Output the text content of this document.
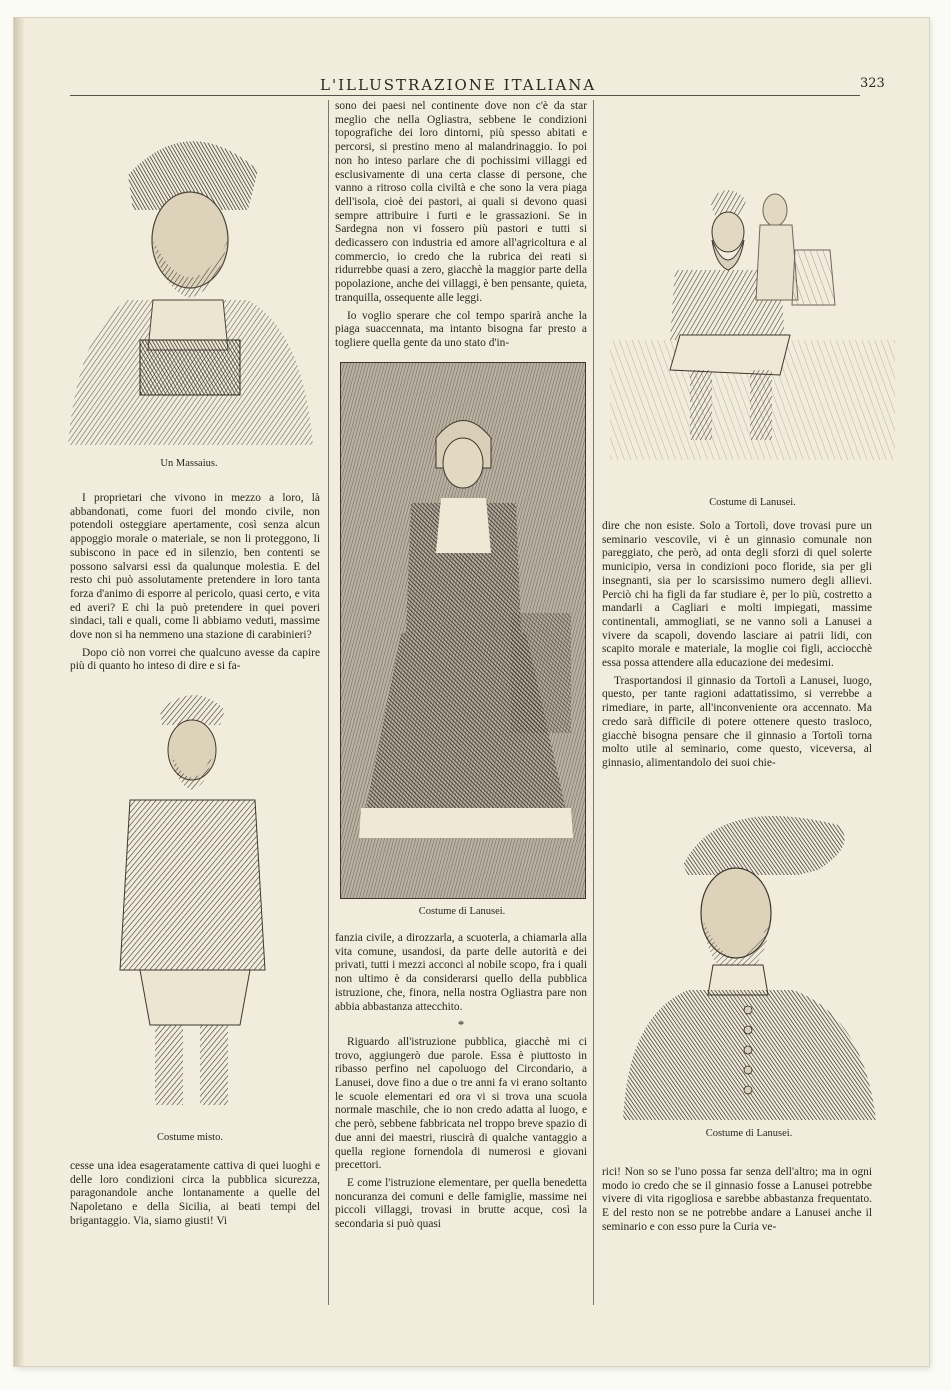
L'ILLUSTRAZIONE ITALIANA	323
Un Massaius.

I proprietari che vivono in mezzo a loro, là abbandonati, come fuori del mondo civile, non potendoli osteggiare apertamente, così senza alcun appoggio morale o materiale, se non li proteggono, li subiscono in pace ed in silenzio, ben contenti se possono salvarsi essi da qualunque molestia. E del resto chi può assolutamente pretendere in loro tanta forza d'animo di esporre al pericolo, quasi certo, e vita ed averi? E chi la può pretendere in quei poveri sindaci, tali e quali, come li abbiamo veduti, massime dove non si ha nemmeno una stazione di carabinieri?

Dopo ciò non vorrei che qualcuno avesse da capire più di quanto ho inteso di dire e si fa-

Costume misto.

cesse una idea esageratamente cattiva di quei luoghi e delle loro condizioni circa la pubblica sicurezza, paragonandole anche lontanamente a quelle del Napoletano e della Sicilia, ai beati tempi del brigantaggio. Via, siamo giusti! Vi

sono dei paesi nel continente dove non c'è da star meglio che nella Ogliastra, sebbene le condizioni topografiche dei loro dintorni, più spesso abitati e percorsi, si prestino meno al malandrinaggio. Io poi non ho inteso parlare che di pochissimi villaggi ed esclusivamente di una certa classe di persone, che vanno a ritroso colla civiltà e che sono la vera piaga dell'isola, cioè dei pastori, ai quali si devono quasi sempre attribuire i furti e le grassazioni. Se in Sardegna non vi fossero più pastori e tutti si dedicassero con industria ed amore all'agricoltura e al commercio, io credo che la rubrica dei reati si ridurrebbe quasi a zero, giacchè la maggior parte della popolazione, anche dei villaggi, è ben pensante, quieta, tranquilla, ossequente alle leggi.

Io voglio sperare che col tempo sparirà anche la piaga suaccennata, ma intanto bisogna far presto a togliere quella gente da uno stato d'in-

Costume di Lanusei.

fanzia civile, a dirozzarla, a scuoterla, a chiamarla alla vita comune, usandosi, da parte delle autorità e dei privati, tutti i mezzi acconci al nobile scopo, fra i quali non ultimo è da considerarsi quello della pubblica istruzione, che, finora, nella nostra Ogliastra pare non abbia abbastanza attecchito.

*

Riguardo all'istruzione pubblica, giacchè mi ci trovo, aggiungerò due parole. Essa è piuttosto in ribasso perfino nel capoluogo del Circondario, a Lanusei, dove fino a due o tre anni fa vi erano soltanto le scuole elementari ed ora vi si trova una scuola normale maschile, che io non credo adatta al luogo, e che però, sebbene fabbricata nel troppo breve spazio di due anni dei maestri, riuscirà di qualche vantaggio a quella regione fornendola di numerosi e giovani precettori.

E come l'istruzione elementare, per quella benedetta noncuranza dei comuni e delle famiglie, massime nei piccoli villaggi, trovasi in brutte acque, così la secondaria si può quasi

Costume di Lanusei.

dire che non esiste. Solo a Tortolì, dove trovasi pure un seminario vescovile, vi è un ginnasio comunale non pareggiato, che però, ad onta degli sforzi di quel solerte municipio, versa in condizioni poco floride, sia per gli insegnanti, sia per lo scarsissimo numero degli allievi. Perciò chi ha figli da far studiare è, per lo più, costretto a mandarli a Cagliari e molti impiegati, massime continentali, ammogliati, se ne vanno soli a Lanusei a vivere da scapoli, dovendo lasciare ai patrii lidi, con scapito morale e materiale, la moglie coi figli, acciocchè essa possa attendere alla educazione dei medesimi.

Trasportandosi il ginnasio da Tortolì a Lanusei, luogo, questo, per tante ragioni adattatissimo, si verrebbe a rimediare, in parte, all'inconveniente ora accennato. Ma credo sarà difficile di potere ottenere questo trasloco, giacchè bisogna pensare che il ginnasio a Tortolì torna molto utile al seminario, come questo, viceversa, al ginnasio, alimentandolo dei suoi chie-

Costume di Lanusei.

rici! Non so se l'uno possa far senza dell'altro; ma in ogni modo io credo che se il ginnasio fosse a Lanusei potrebbe vivere di vita rigogliosa e sarebbe abbastanza frequentato. E del resto non se ne potrebbe andare a Lanusei anche il seminario e con esso pure la Curia ve-
